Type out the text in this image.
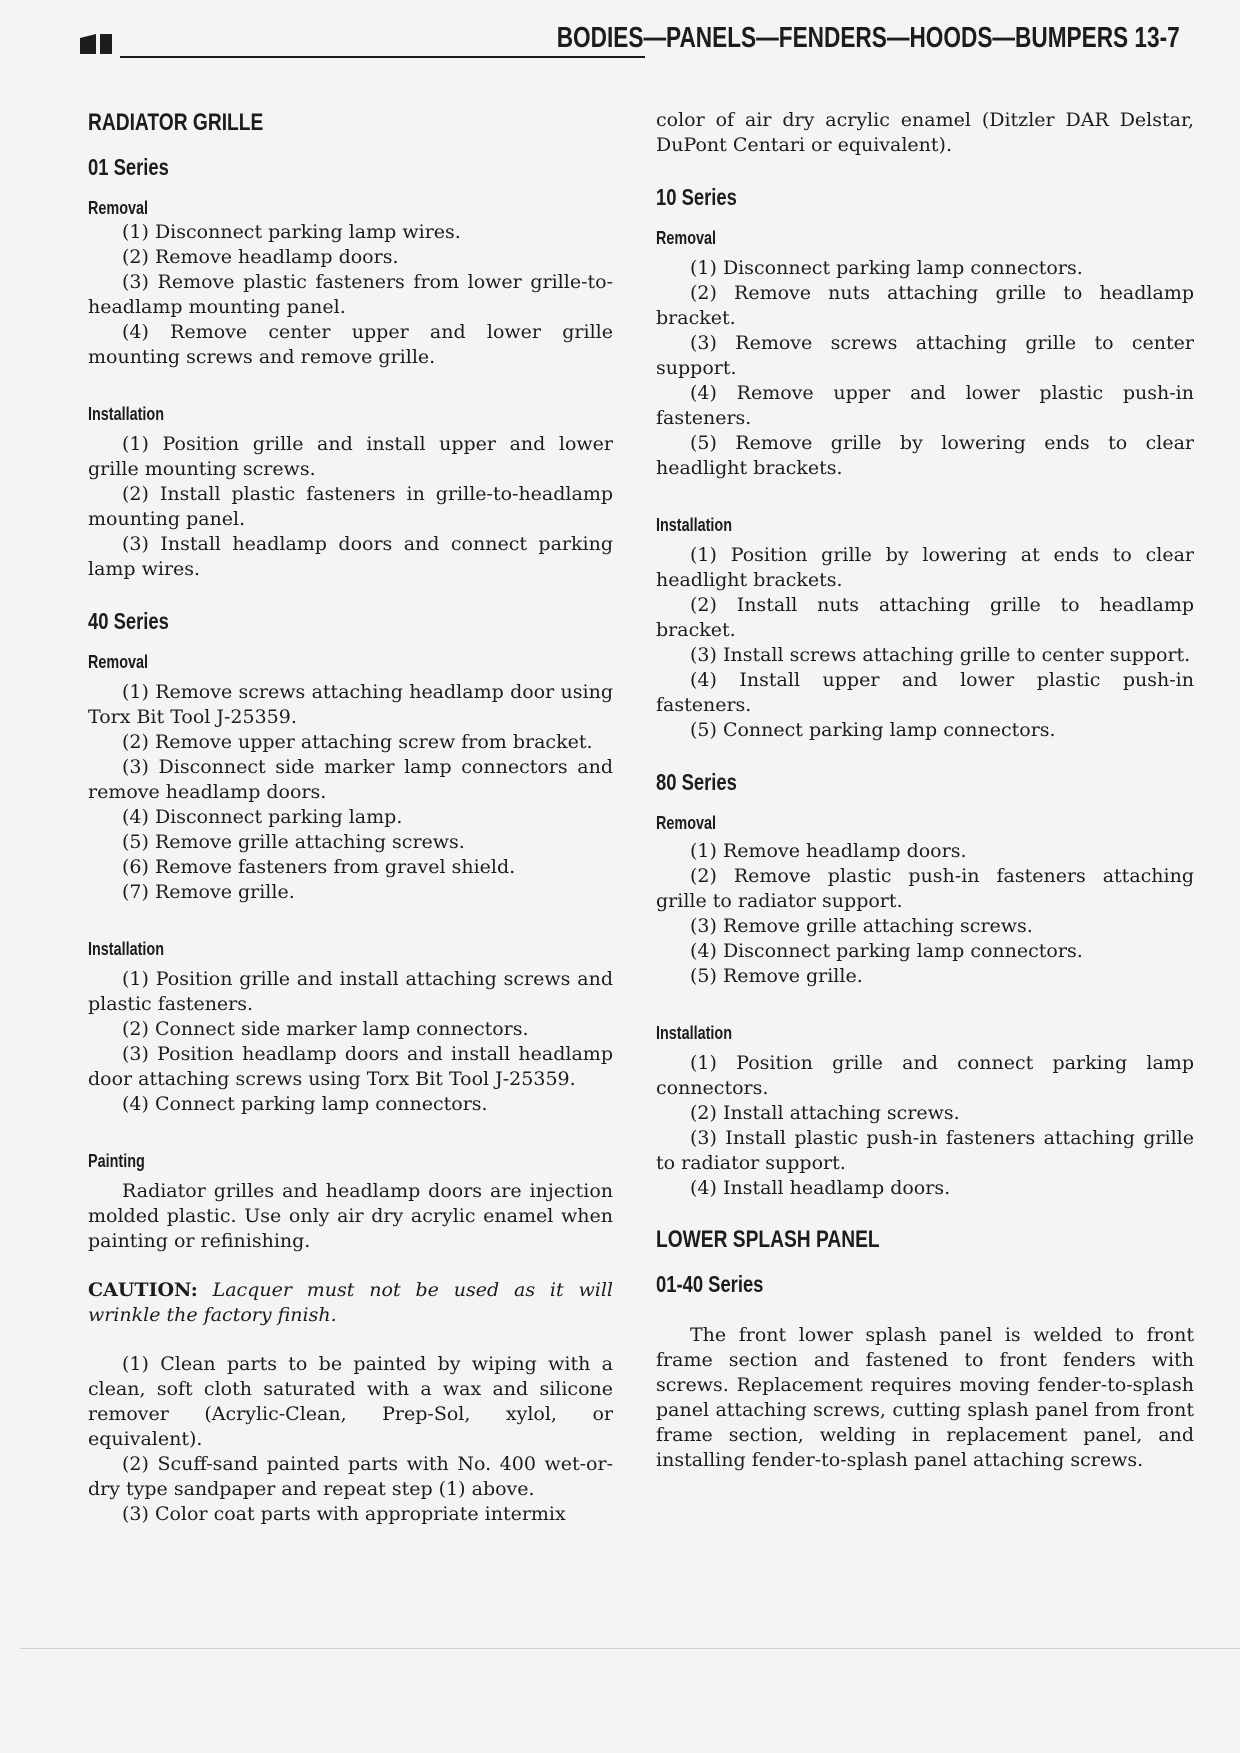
BODIES—PANELS—FENDERS—HOODS—BUMPERS 13-7
RADIATOR GRILLE
01 Series
Removal

(1) Disconnect parking lamp wires.

(2) Remove headlamp doors.

(3) Remove plastic fasteners from lower grille-to-headlamp mounting panel.

(4) Remove center upper and lower grille mounting screws and remove grille.

Installation

(1) Position grille and install upper and lower grille mounting screws.

(2) Install plastic fasteners in grille-to-headlamp mounting panel.

(3) Install headlamp doors and connect parking lamp wires.

40 Series
Removal

(1) Remove screws attaching headlamp door using Torx Bit Tool J-25359.

(2) Remove upper attaching screw from bracket.

(3) Disconnect side marker lamp connectors and remove headlamp doors.

(4) Disconnect parking lamp.

(5) Remove grille attaching screws.

(6) Remove fasteners from gravel shield.

(7) Remove grille.

Installation

(1) Position grille and install attaching screws and plastic fasteners.

(2) Connect side marker lamp connectors.

(3) Position headlamp doors and install headlamp door attaching screws using Torx Bit Tool J-25359.

(4) Connect parking lamp connectors.

Painting

Radiator grilles and headlamp doors are injection molded plastic. Use only air dry acrylic enamel when painting or refinishing.

CAUTION: Lacquer must not be used as it will wrinkle the factory finish.

(1) Clean parts to be painted by wiping with a clean, soft cloth saturated with a wax and silicone remover (Acrylic-Clean, Prep-Sol, xylol, or equivalent).

(2) Scuff-sand painted parts with No. 400 wet-or-dry type sandpaper and repeat step (1) above.

(3) Color coat parts with appropriate intermix

color of air dry acrylic enamel (Ditzler DAR Delstar, DuPont Centari or equivalent).

10 Series
Removal

(1) Disconnect parking lamp connectors.

(2) Remove nuts attaching grille to headlamp bracket.

(3) Remove screws attaching grille to center support.

(4) Remove upper and lower plastic push-in fasteners.

(5) Remove grille by lowering ends to clear headlight brackets.

Installation

(1) Position grille by lowering at ends to clear headlight brackets.

(2) Install nuts attaching grille to headlamp bracket.

(3) Install screws attaching grille to center support.

(4) Install upper and lower plastic push-in fasteners.

(5) Connect parking lamp connectors.

80 Series
Removal

(1) Remove headlamp doors.

(2) Remove plastic push-in fasteners attaching grille to radiator support.

(3) Remove grille attaching screws.

(4) Disconnect parking lamp connectors.

(5) Remove grille.

Installation

(1) Position grille and connect parking lamp connectors.

(2) Install attaching screws.

(3) Install plastic push-in fasteners attaching grille to radiator support.

(4) Install headlamp doors.

LOWER SPLASH PANEL
01-40 Series

The front lower splash panel is welded to front frame section and fastened to front fenders with screws. Replacement requires moving fender-to-splash panel attaching screws, cutting splash panel from front frame section, welding in replacement panel, and installing fender-to-splash panel attaching screws.
